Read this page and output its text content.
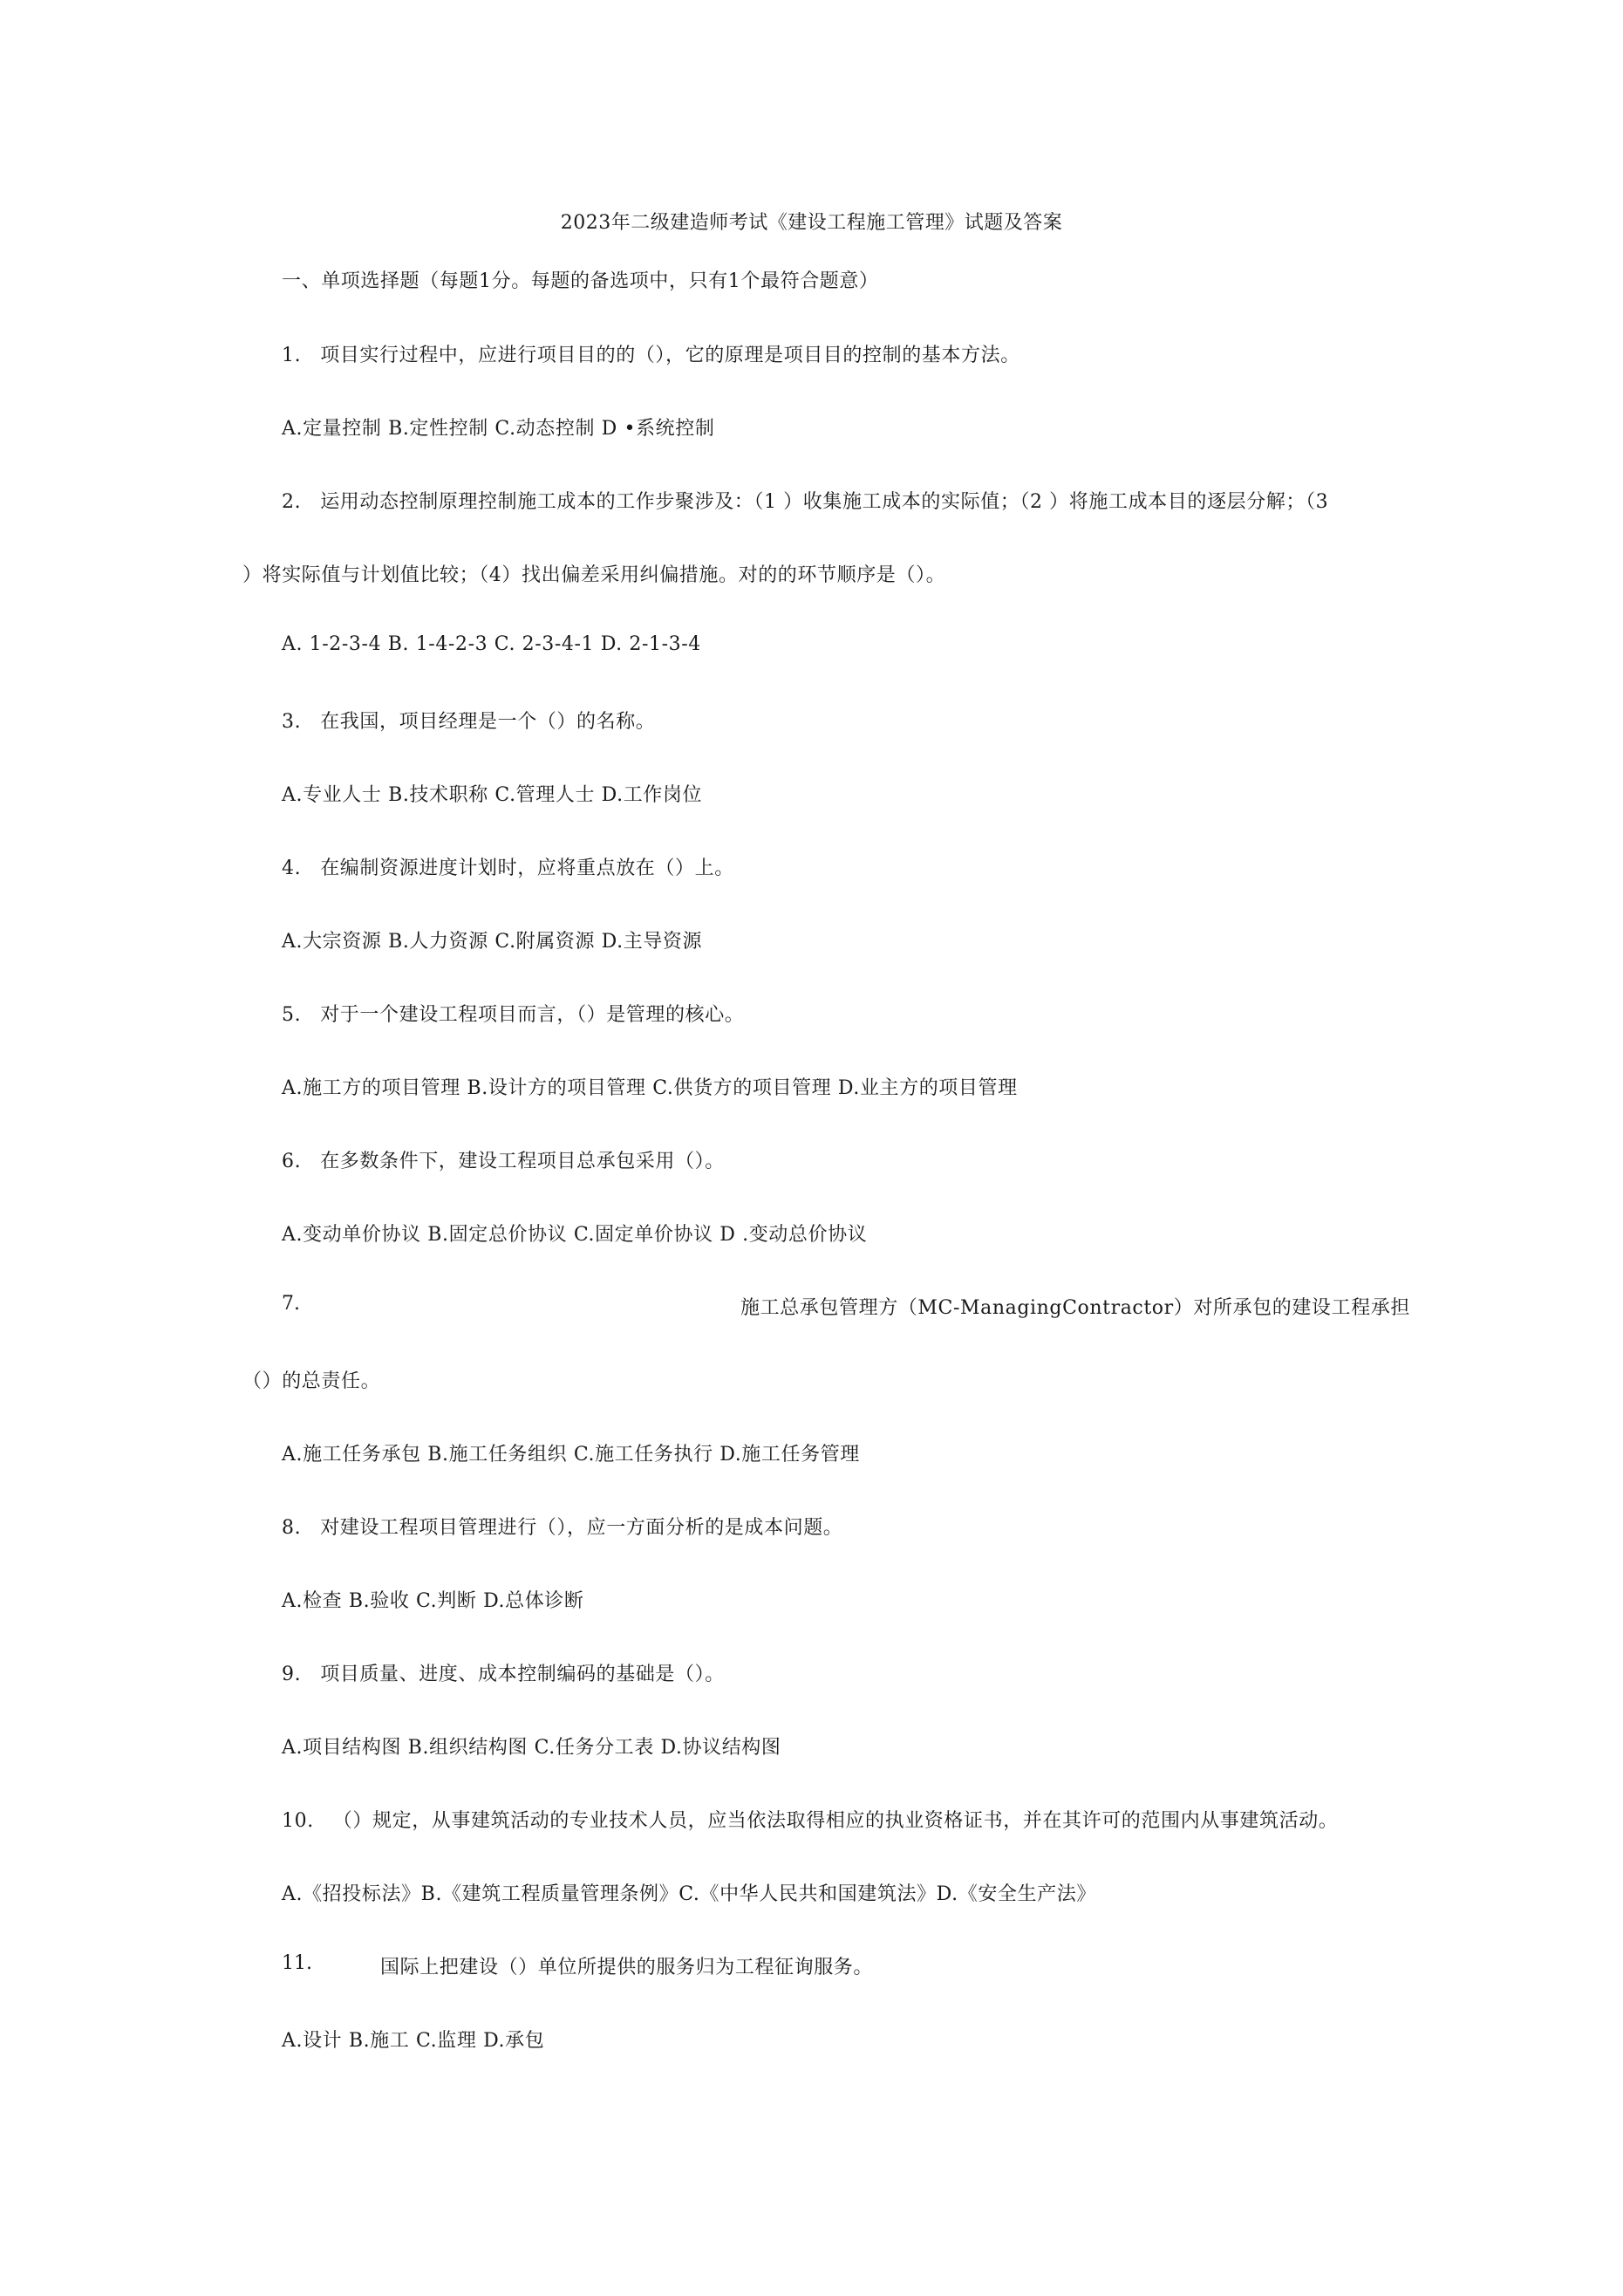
2023年二级建造师考试《建设工程施工管理》试题及答案
一、单项选择题（每题1分。每题的备选项中，只有1个最符合题意）
1. 项目实行过程中，应进行项目目的的（），它的原理是项目目的控制的基本方法。
A.定量控制 B.定性控制 C.动态控制 D •系统控制
2. 运用动态控制原理控制施工成本的工作步聚涉及：（1 ）收集施工成本的实际值；（2 ）将施工成本目的逐层分解；（3
）将实际值与计划值比较；（4）找出偏差采用纠偏措施。对的的环节顺序是（）。
A. 1-2-3-4 B. 1-4-2-3 C. 2-3-4-1 D. 2-1-3-4
3. 在我国，项目经理是一个（）的名称。
A.专业人士 B.技术职称 C.管理人士 D.工作岗位
4. 在编制资源进度计划时，应将重点放在（）上。
A.大宗资源 B.人力资源 C.附属资源 D.主导资源
5. 对于一个建设工程项目而言，（）是管理的核心。
A.施工方的项目管理 B.设计方的项目管理 C.供货方的项目管理 D.业主方的项目管理
6. 在多数条件下，建设工程项目总承包采用（）。
A.变动单价协议 B.固定总价协议 C.固定单价协议 D .变动总价协议
7.	施工总承包管理方（MC-ManagingContractor）对所承包的建设工程承担
（）的总责任。
A.施工任务承包 B.施工任务组织 C.施工任务执行 D.施工任务管理
8. 对建设工程项目管理进行（），应一方面分析的是成本问题。
A.检查 B.验收 C.判断 D.总体诊断
9. 项目质量、进度、成本控制编码的基础是（）。
A.项目结构图 B.组织结构图 C.任务分工表 D.协议结构图
10. （）规定，从事建筑活动的专业技术人员，应当依法取得相应的执业资格证书，并在其许可的范围内从事建筑活动。
A.《招投标法》B.《建筑工程质量管理条例》C.《中华人民共和国建筑法》D.《安全生产法》
11.	国际上把建设（）单位所提供的服务归为工程征询服务。
A.设计 B.施工 C.监理 D.承包
